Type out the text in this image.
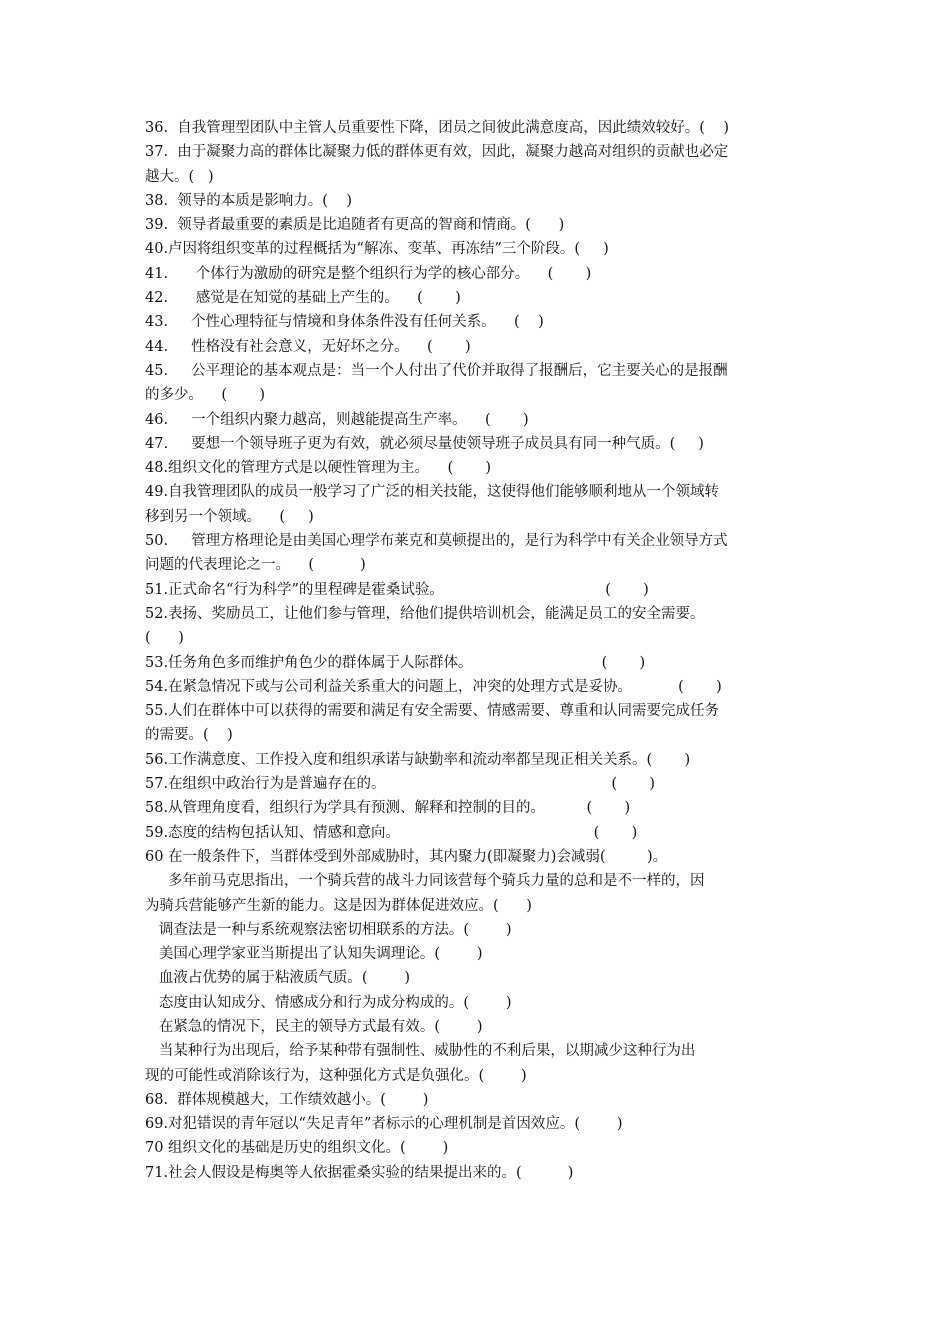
36.  自我管理型团队中主管人员重要性下降，团员之间彼此满意度高，因此绩效较好。(    )
37.  由于凝聚力高的群体比凝聚力低的群体更有效，因此，凝聚力越高对组织的贡献也必定
越大。(   )
38.  领导的本质是影响力。(    )
39.  领导者最重要的素质是比追随者有更高的智商和情商。(      )
40.卢因将组织变革的过程概括为“解冻、变革、再冻结”三个阶段。(     )
41.      个体行为激励的研究是整个组织行为学的核心部分。    (       )
42.      感觉是在知觉的基础上产生的。    (       )
43.     个性心理特征与情境和身体条件没有任何关系。    (    )
44.     性格没有社会意义，无好坏之分。    (       )
45.     公平理论的基本观点是：当一个人付出了代价并取得了报酬后，它主要关心的是报酬
的多少。    (       )
46.     一个组织内聚力越高，则越能提高生产率。    (       )
47.     要想一个领导班子更为有效，就必须尽量使领导班子成员具有同一种气质。(     )
48.组织文化的管理方式是以硬性管理为主。    (       )
49.自我管理团队的成员一般学习了广泛的相关技能，这使得他们能够顺利地从一个领域转
移到另一个领域。    (     )
50.     管理方格理论是由美国心理学布莱克和莫顿提出的，是行为科学中有关企业领导方式
问题的代表理论之一。    (          )
51.正式命名“行为科学”的里程碑是霍桑试验。                                   (       )
52.表扬、奖励员工，让他们参与管理，给他们提供培训机会，能满足员工的安全需要。
(      )
53.任务角色多而维护角色少的群体属于人际群体。                            (       )
54.在紧急情况下或与公司利益关系重大的问题上，冲突的处理方式是妥协。          (       )
55.人们在群体中可以获得的需要和满足有安全需要、情感需要、尊重和认同需要完成任务
的需要。(    )
56.工作满意度、工作投入度和组织承诺与缺勤率和流动率都呈现正相关关系。(       )
57.在组织中政治行为是普遍存在的。                                                 (       )
58.从管理角度看，组织行为学具有预测、解释和控制的目的。         (       )
59.态度的结构包括认知、情感和意向。                                          (       )
60 在一般条件下，当群体受到外部威胁时，其内聚力(即凝聚力)会减弱(         )。
多年前马克思指出，一个骑兵营的战斗力同该营每个骑兵力量的总和是不一样的，因
为骑兵营能够产生新的能力。这是因为群体促进效应。(      )
调查法是一种与系统观察法密切相联系的方法。(        )
美国心理学家亚当斯提出了认知失调理论。(        )
血液占优势的属于粘液质气质。(        )
态度由认知成分、情感成分和行为成分构成的。(        )
在紧急的情况下，民主的领导方式最有效。(        )
当某种行为出现后，给予某种带有强制性、威胁性的不利后果，以期减少这种行为出
现的可能性或消除该行为，这种强化方式是负强化。(        )
68.  群体规模越大，工作绩效越小。(        )
69.对犯错误的青年冠以“失足青年”者标示的心理机制是首因效应。(        )
70 组织文化的基础是历史的组织文化。(        )
71.社会人假设是梅奥等人依据霍桑实验的结果提出来的。(          )
